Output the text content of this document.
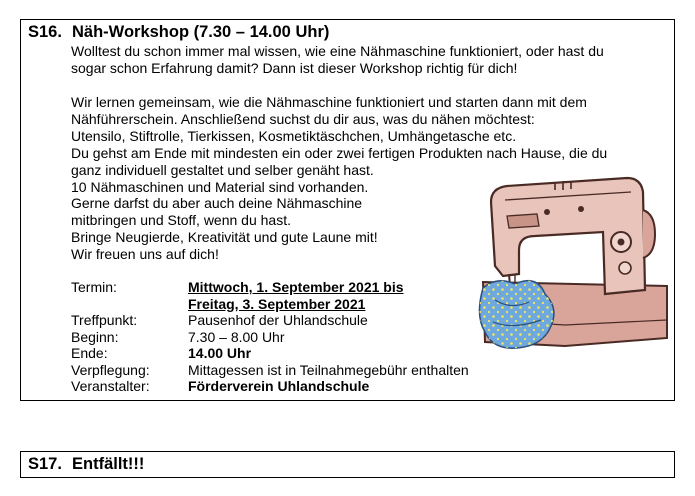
S16. Näh-Workshop (7.30 – 14.00 Uhr)
Wolltest du schon immer mal wissen, wie eine Nähmaschine funktioniert, oder hast du
sogar schon Erfahrung damit? Dann ist dieser Workshop richtig für dich!
Wir lernen gemeinsam, wie die Nähmaschine funktioniert und starten dann mit dem
Nähführerschein. Anschließend suchst du dir aus, was du nähen möchtest:
Utensilo, Stiftrolle, Tierkissen, Kosmetiktäschchen, Umhängetasche etc.
Du gehst am Ende mit mindesten ein oder zwei fertigen Produkten nach Hause, die du
ganz individuell gestaltet und selber genäht hast.
10 Nähmaschinen und Material sind vorhanden.
Gerne darfst du aber auch deine Nähmaschine
mitbringen und Stoff, wenn du hast.
Bringe Neugierde, Kreativität und gute Laune mit!
Wir freuen uns auf dich!
Termin:	Mittwoch, 1. September 2021 bis
Freitag, 3. September 2021
Treffpunkt:	Pausenhof der Uhlandschule
Beginn:	7.30 – 8.00 Uhr
Ende:	14.00 Uhr
Verpflegung:	Mittagessen ist in Teilnahmegebühr enthalten
Veranstalter:	Förderverein Uhlandschule
S17. Entfällt!!!
